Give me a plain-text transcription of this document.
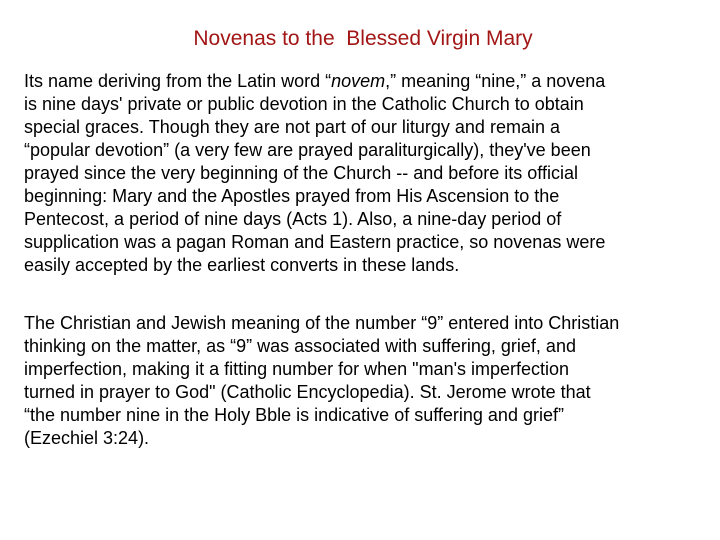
Novenas to the  Blessed Virgin Mary

Its name deriving from the Latin word “novem,” meaning “nine,” a novena
is nine days' private or public devotion in the Catholic Church to obtain
special graces. Though they are not part of our liturgy and remain a
“popular devotion” (a very few are prayed paraliturgically), they've been
prayed since the very beginning of the Church -- and before its official
beginning: Mary and the Apostles prayed from His Ascension to the
Pentecost, a period of nine days (Acts 1). Also, a nine-day period of
supplication was a pagan Roman and Eastern practice, so novenas were
easily accepted by the earliest converts in these lands.

The Christian and Jewish meaning of the number “9” entered into Christian
thinking on the matter, as “9” was associated with suffering, grief, and
imperfection, making it a fitting number for when "man's imperfection
turned in prayer to God" (Catholic Encyclopedia). St. Jerome wrote that
“the number nine in the Holy Bble is indicative of suffering and grief”
(Ezechiel 3:24).
